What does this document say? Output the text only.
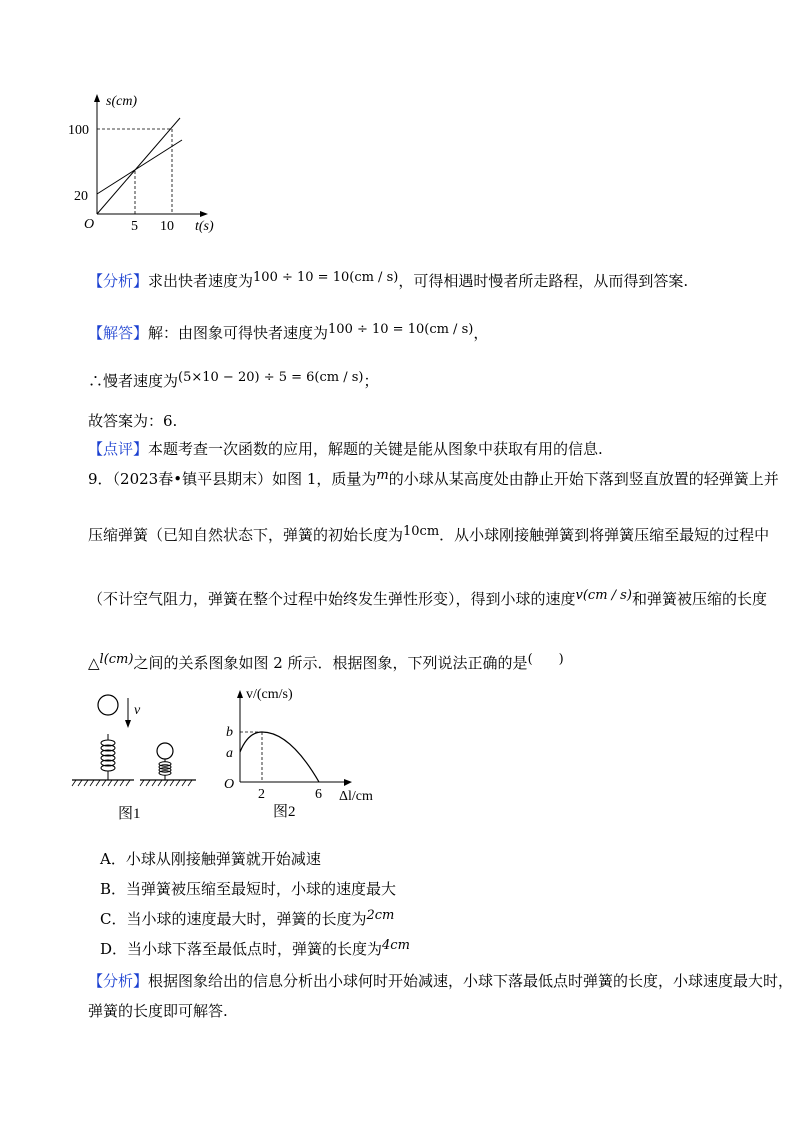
s(cm)
100
20
O	5 10 t(s)
【分析】求出快者速度为100 ÷ 10 = 10(cm / s)，可得相遇时慢者所走路程，从而得到答案.
【解答】解：由图象可得快者速度为100 ÷ 10 = 10(cm / s)，
∴慢者速度为(5×10 − 20) ÷ 5 = 6(cm / s)；
故答案为：6.
【点评】本题考查一次函数的应用，解题的关键是能从图象中获取有用的信息.
9．（2023春•镇平县期末）如图 1，质量为m的小球从某高度处由静止开始下落到竖直放置的轻弹簧上并
压缩弹簧（已知自然状态下，弹簧的初始长度为10cm．从小球刚接触弹簧到将弹簧压缩至最短的过程中
（不计空气阻力，弹簧在整个过程中始终发生弹性形变），得到小球的速度v(cm / s)和弹簧被压缩的长度
△l(cm)之间的关系图象如图 2 所示．根据图象，下列说法正确的是(　　)
v
图1
v/(cm/s)
b
a
O
2	6 Δl/cm
图2
A．小球从刚接触弹簧就开始减速
B．当弹簧被压缩至最短时，小球的速度最大
C．当小球的速度最大时，弹簧的长度为2cm
D．当小球下落至最低点时，弹簧的长度为4cm
【分析】根据图象给出的信息分析出小球何时开始减速，小球下落最低点时弹簧的长度，小球速度最大时，
弹簧的长度即可解答.
